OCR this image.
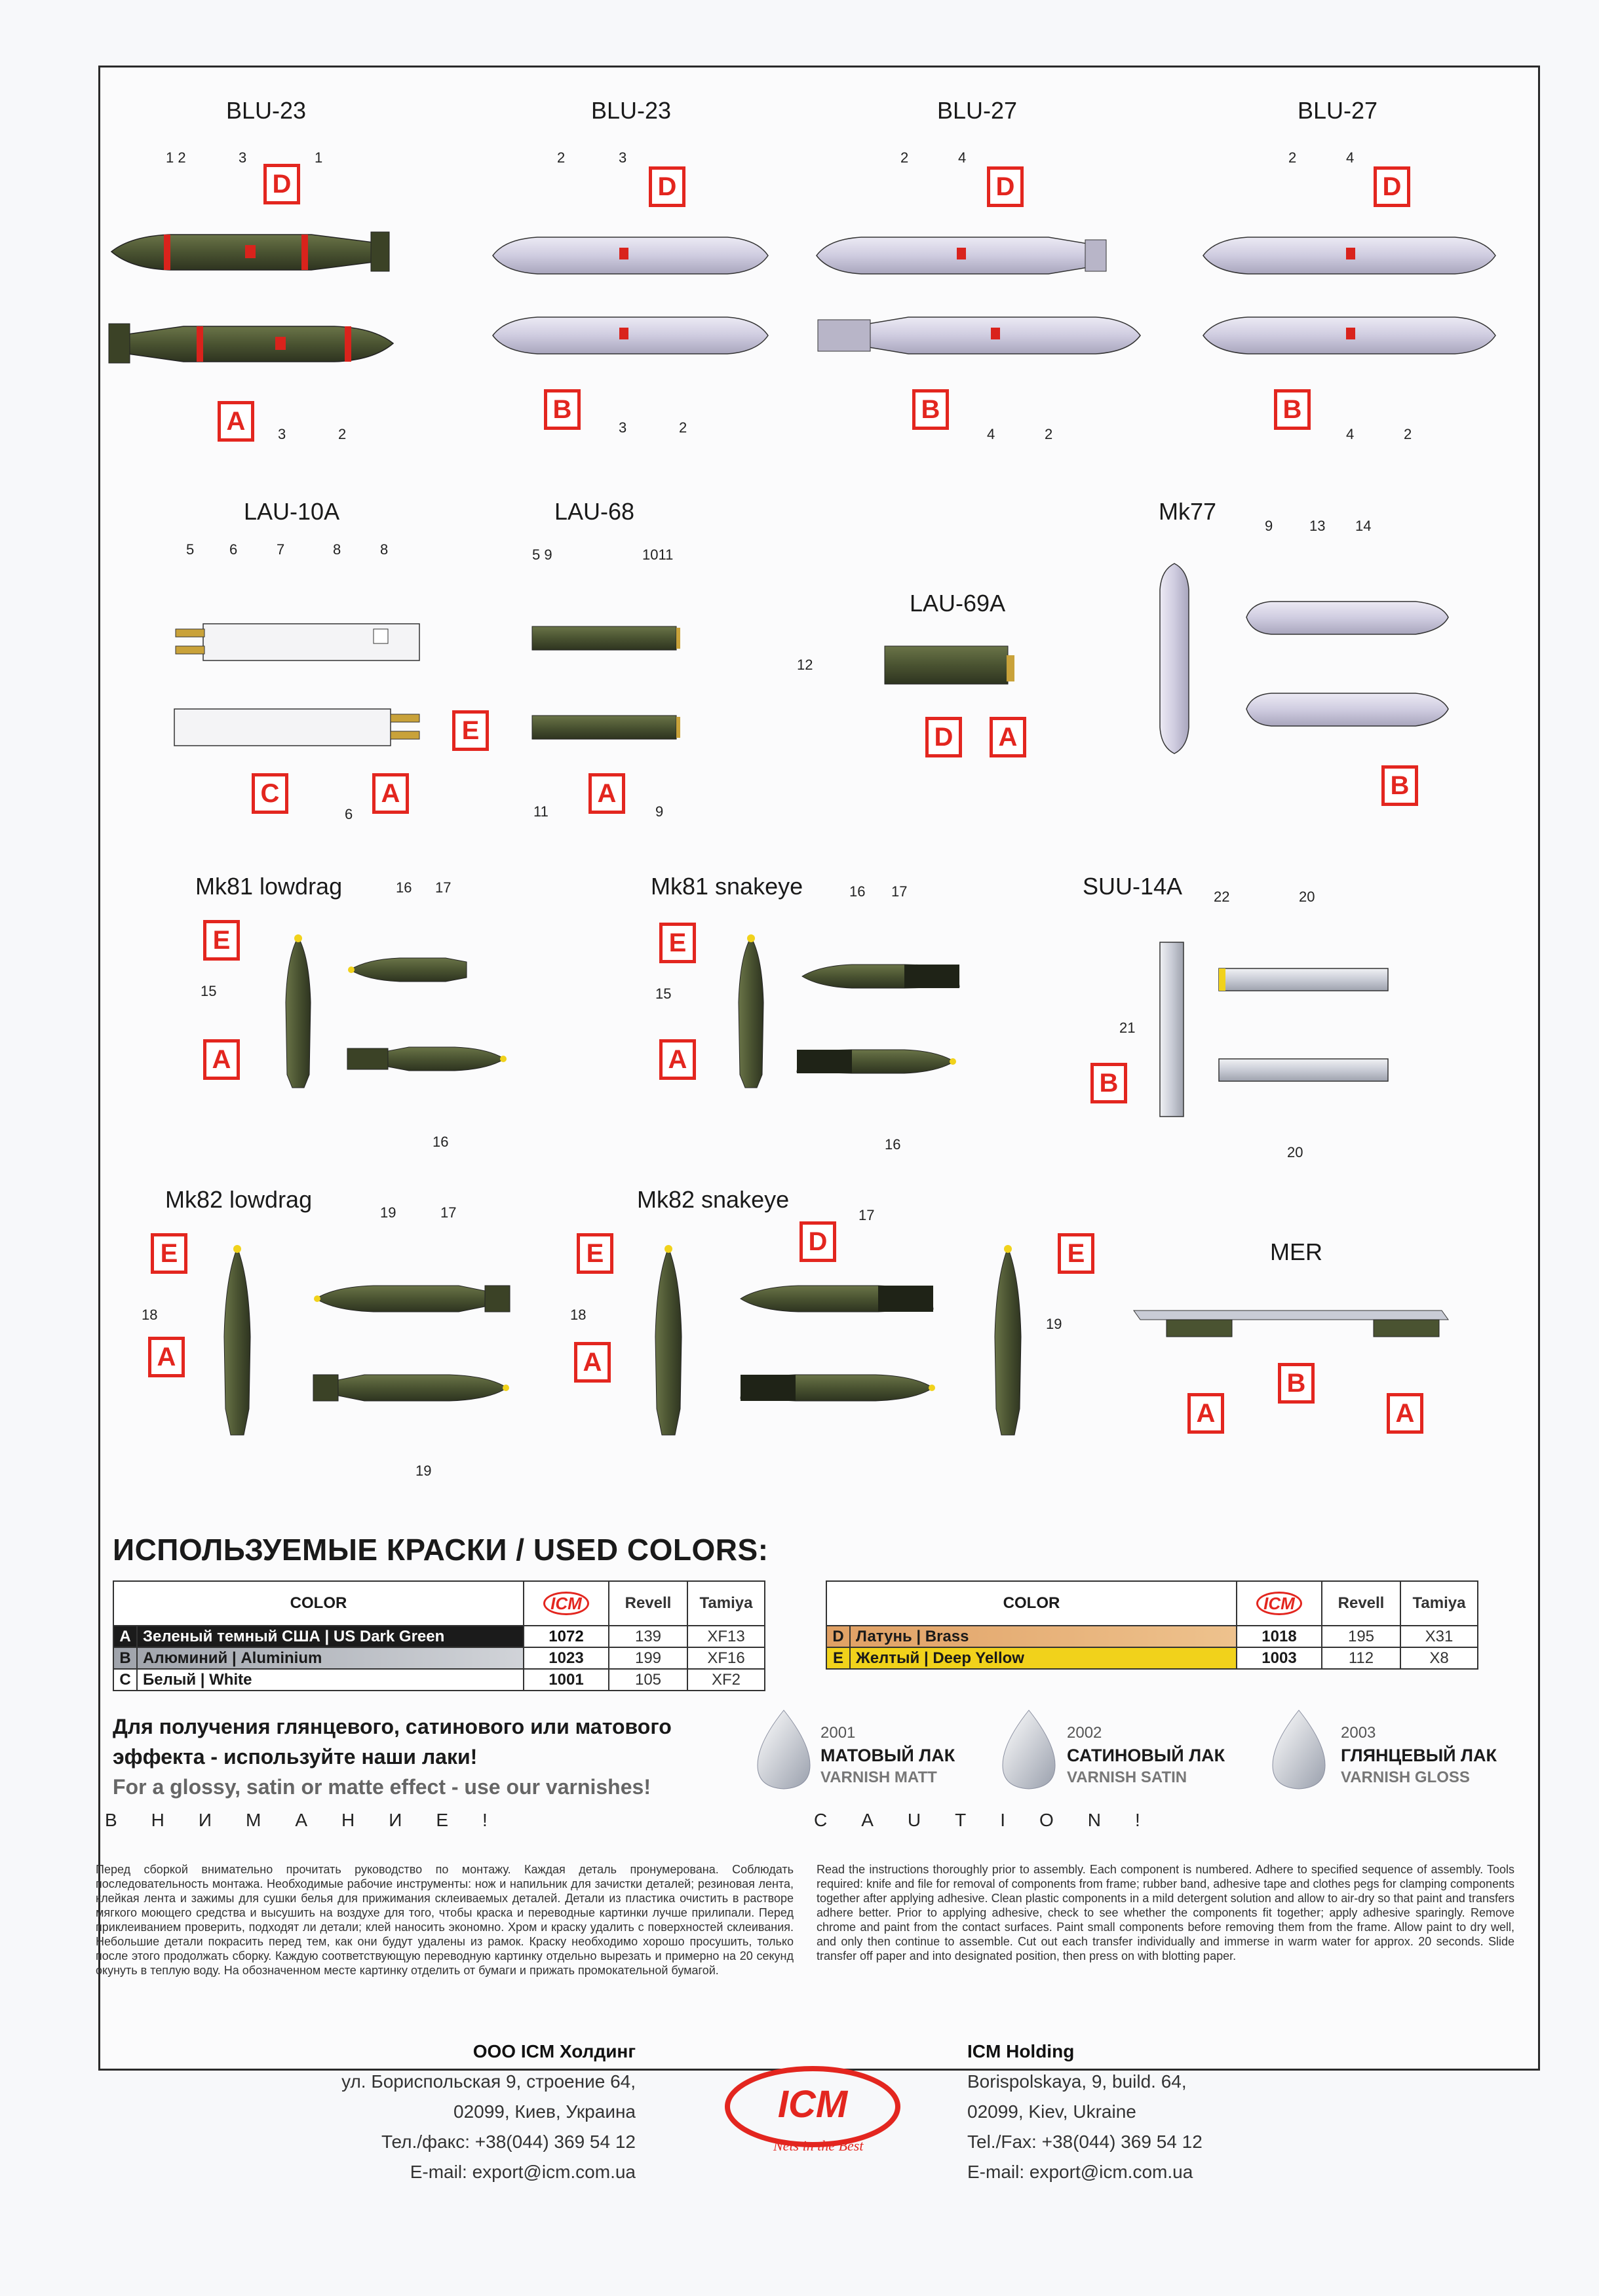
BLU-23	BLU-23	BLU-27	BLU-27
LAU-10A	LAU-68
LAU-69A
Mk77
Mk81 lowdrag	Mk81 snakeye	SUU-14A
Mk82 lowdrag	Mk82 snakeye
MER
1 2	3	1
3	2
2	3
3	2
2	4
4	2
2	4
4	2
5 6	7	8	8
6
5 9	1011
11	9
12
9	13 14
16 17
15
16
16 17
15
16
22	20
21
20
19	17
18
19
17
18
19
D
A
D
B
D
B
D
B
E
C	A	A
D	A
B
E
A
E
A
B
E
A
D
E
A
E
A
B
A
ИСПОЛЬЗУЕМЫЕ КРАСКИ / USED COLORS:
COLOR		ICM	Revell	Tamiya
A	Зеленый темный США | US Dark Green	1072	139	XF13
B	Алюминий | Aluminium	1023	199	XF16
C	Белый | White	1001	105	XF2
COLOR		ICM	Revell	Tamiya
D	Латунь | Brass	1018	195	X31
E	Желтый | Deep Yellow	1003	112	X8
Для получения глянцевого, сатинового или матового
эффекта - используйте наши лаки!
For a glossy, satin or matte effect - use our varnishes!
2001
МАТОВЫЙ ЛАК
VARNISH MATT
2002
САТИНОВЫЙ ЛАК
VARNISH SATIN
2003
ГЛЯНЦЕВЫЙ ЛАК
VARNISH GLOSS
ВНИМАНИЕ!	CAUTION!
Перед сборкой внимательно прочитать руководство по монтажу. Каждая деталь пронумерована. Соблюдать последовательность монтажа. Необходимые рабочие инструменты: нож и напильник для зачистки деталей; резиновая лента, клейкая лента и зажимы для сушки белья для прижимания склеиваемых деталей. Детали из пластика очистить в растворе мягкого моющего средства и высушить на воздухе для того, чтобы краска и переводные картинки лучше прилипали. Перед приклеиванием проверить, подходят ли детали; клей наносить экономно. Хром и краску удалить с поверхностей склеивания. Небольшие детали покрасить перед тем, как они будут удалены из рамок. Краску необходимо хорошо просушить, только после этого продолжать сборку. Каждую соответствующую переводную картинку отдельно вырезать и примерно на 20 секунд окунуть в теплую воду. На обозначенном месте картинку отделить от бумаги и прижать промокательной бумагой.
Read the instructions thoroughly prior to assembly. Each component is numbered. Adhere to specified sequence of assembly. Tools required: knife and file for removal of components from frame; rubber band, adhesive tape and clothes pegs for clamping components together after applying adhesive. Clean plastic components in a mild detergent solution and allow to air-dry so that paint and transfers adhere better. Prior to applying adhesive, check to see whether the components fit together; apply adhesive sparingly. Remove chrome and paint from the contact surfaces. Paint small components before removing them from the frame. Allow paint to dry well, and only then continue to assemble. Cut out each transfer individually and immerse in warm water for approx. 20 seconds. Slide transfer off paper and into designated position, then press on with blotting paper.
ООО ICM Холдинг
ул. Бориспольская 9, строение 64,
02099, Киев, Украина
Тел./факс: +38(044) 369 54 12
E-mail: export@icm.com.ua
ICM Holding
Borispolskaya, 9, build. 64,
02099, Kiev, Ukraine
Tel./Fax: +38(044) 369 54 12
E-mail: export@icm.com.ua
ICM
Nets in the Best
